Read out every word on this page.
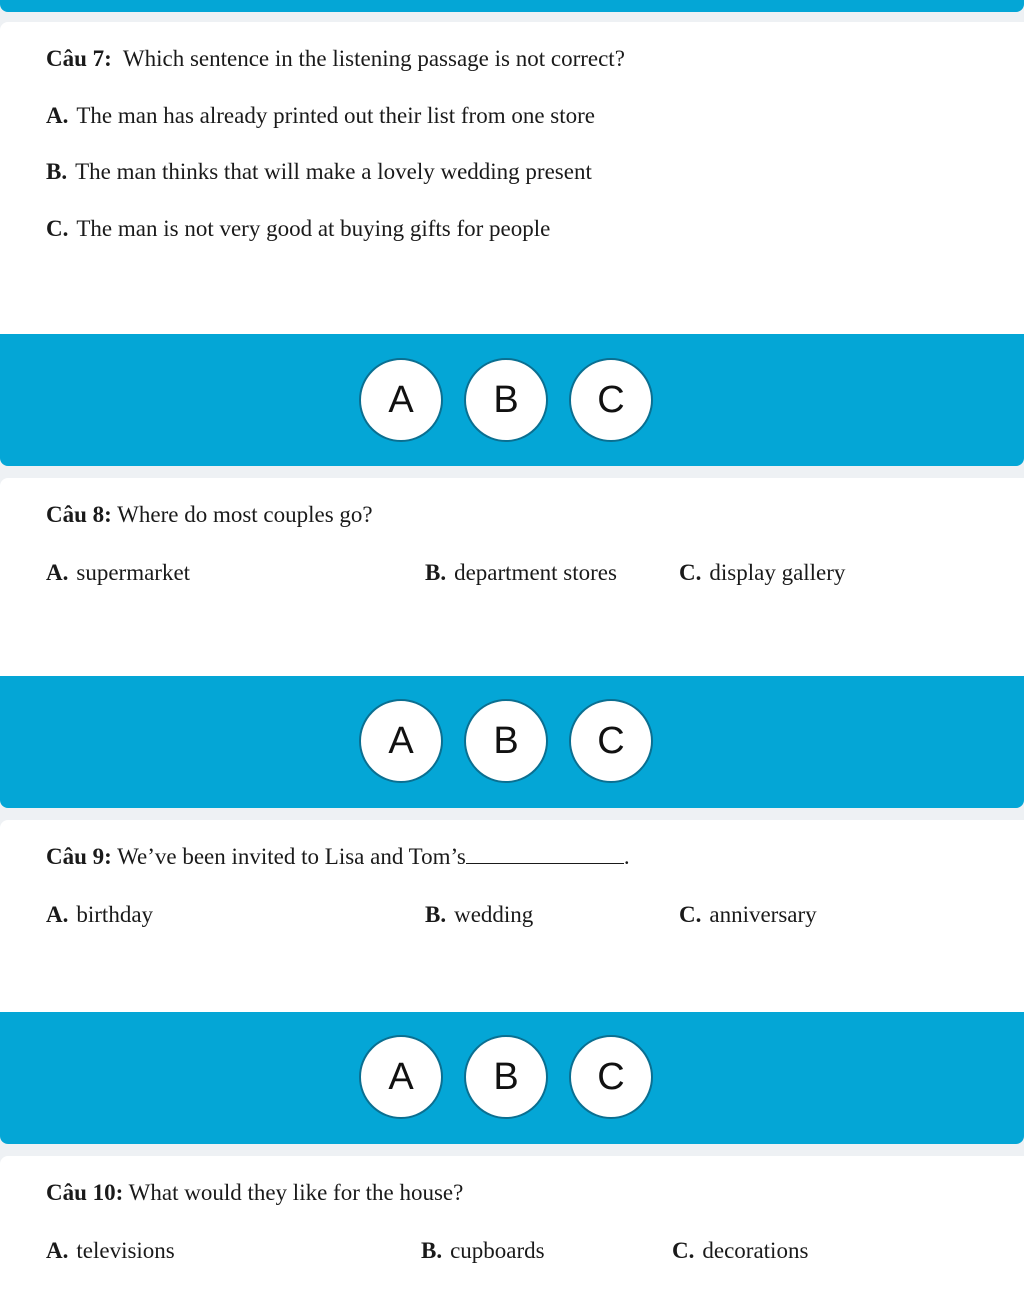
Câu 7: Which sentence in the listening passage is not correct?
A. The man has already printed out their list from one store
B. The man thinks that will make a lovely wedding present
C. The man is not very good at buying gifts for people
A	B	C
Câu 8: Where do most couples go?
A. supermarket	B. department stores	C. display gallery
A	B	C
Câu 9: We’ve been invited to Lisa and Tom’s	.
A. birthday	B. wedding	C. anniversary
A	B	C
Câu 10: What would they like for the house?
A. televisions	B. cupboards	C. decorations
